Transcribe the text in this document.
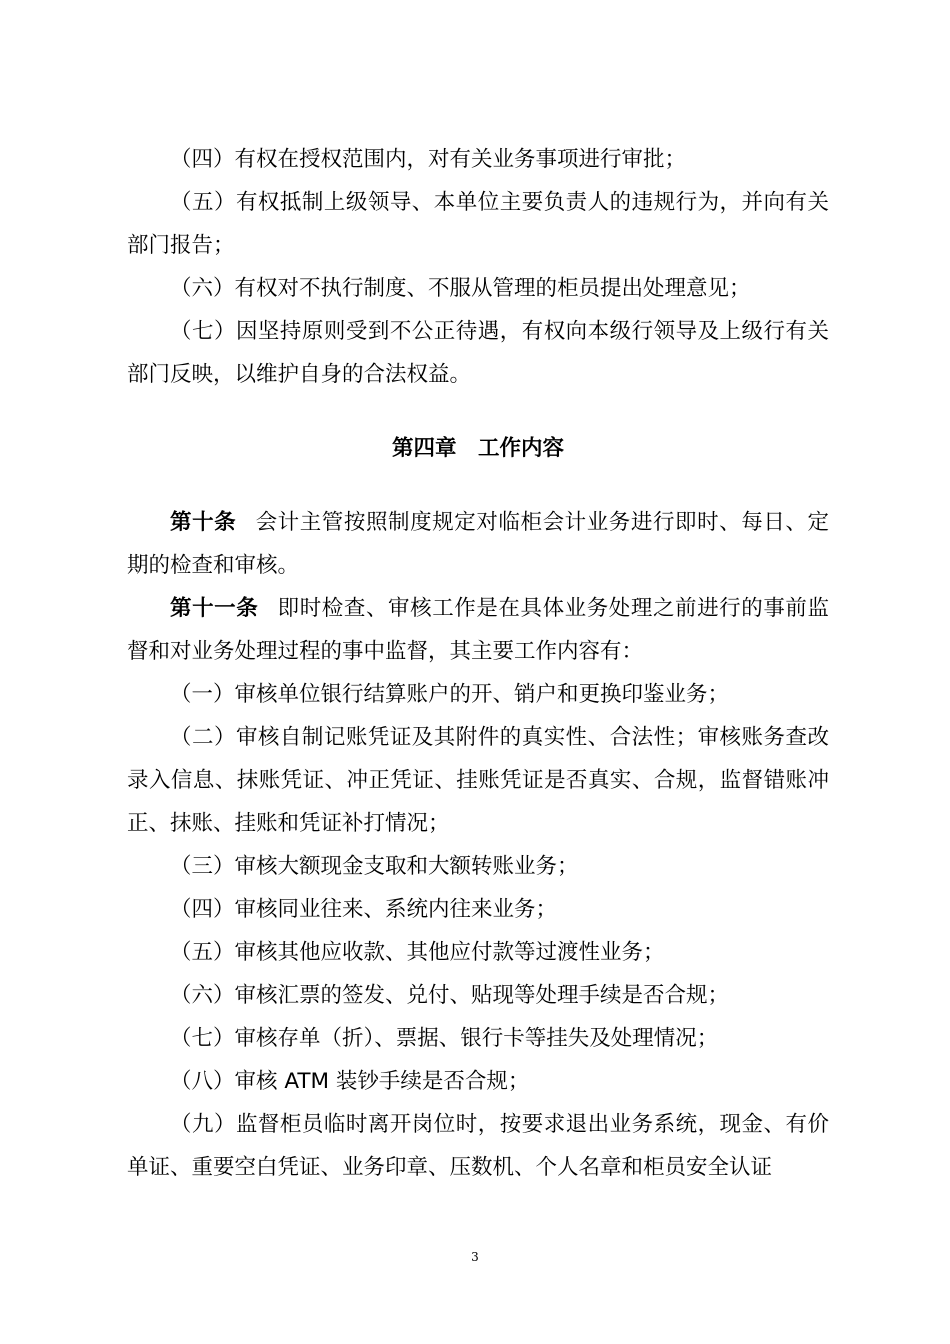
（四）有权在授权范围内，对有关业务事项进行审批；

（五）有权抵制上级领导、本单位主要负责人的违规行为，并向有关部门报告；

（六）有权对不执行制度、不服从管理的柜员提出处理意见；

（七）因坚持原则受到不公正待遇，有权向本级行领导及上级行有关部门反映，以维护自身的合法权益。

第四章　工作内容

第十条 会计主管按照制度规定对临柜会计业务进行即时、每日、定期的检查和审核。

第十一条 即时检查、审核工作是在具体业务处理之前进行的事前监督和对业务处理过程的事中监督，其主要工作内容有：

（一）审核单位银行结算账户的开、销户和更换印鉴业务；

（二）审核自制记账凭证及其附件的真实性、合法性；审核账务查改录入信息、抹账凭证、冲正凭证、挂账凭证是否真实、合规，监督错账冲正、抹账、挂账和凭证补打情况；

（三）审核大额现金支取和大额转账业务；

（四）审核同业往来、系统内往来业务；

（五）审核其他应收款、其他应付款等过渡性业务；

（六）审核汇票的签发、兑付、贴现等处理手续是否合规；

（七）审核存单（折）、票据、银行卡等挂失及处理情况；

（八）审核 ATM 装钞手续是否合规；

（九）监督柜员临时离开岗位时，按要求退出业务系统，现金、有价单证、重要空白凭证、业务印章、压数机、个人名章和柜员安全认证

3
